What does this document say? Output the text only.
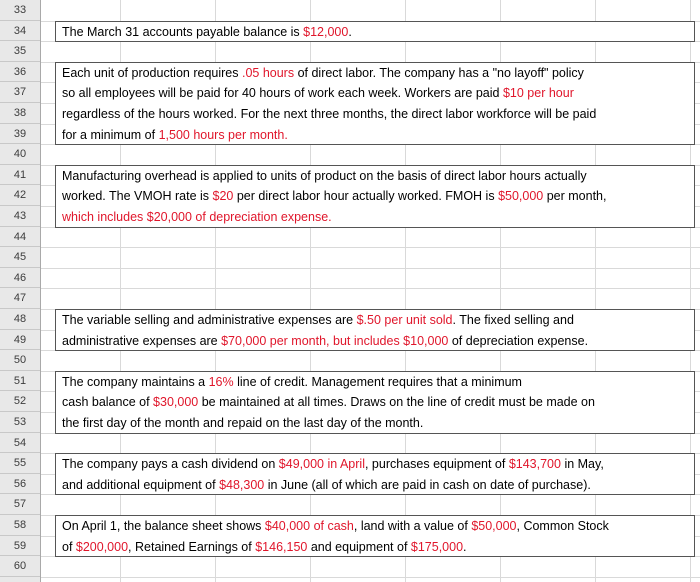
33
34
35
36
37
38
39
40
41
42
43
44
45
46
47
48
49
50
51
52
53
54
55
56
57
58
59
60
The March 31 accounts payable balance is $12,000.
Each unit of production requires .05 hours of direct labor. The company has a "no layoff" policy
so all employees will be paid for 40 hours of work each week. Workers are paid $10 per hour
regardless of the hours worked. For the next three months, the direct labor workforce will be paid
for a minimum of 1,500 hours per month.
Manufacturing overhead is applied to units of product on the basis of direct labor hours actually
worked. The VMOH rate is $20 per direct labor hour actually worked. FMOH is $50,000 per month,
which includes $20,000 of depreciation expense.
The variable selling and administrative expenses are $.50 per unit sold. The fixed selling and
administrative expenses are $70,000 per month, but includes $10,000 of depreciation expense.
The company maintains a 16% line of credit. Management requires that a minimum
cash balance of $30,000 be maintained at all times. Draws on the line of credit must be made on
the first day of the month and repaid on the last day of the month.
The company pays a cash dividend on $49,000 in April, purchases equipment of $143,700 in May,
and additional equipment of $48,300 in June (all of which are paid in cash on date of purchase).
On April 1, the balance sheet shows $40,000 of cash, land with a value of $50,000, Common Stock
of $200,000, Retained Earnings of $146,150 and equipment of $175,000.
